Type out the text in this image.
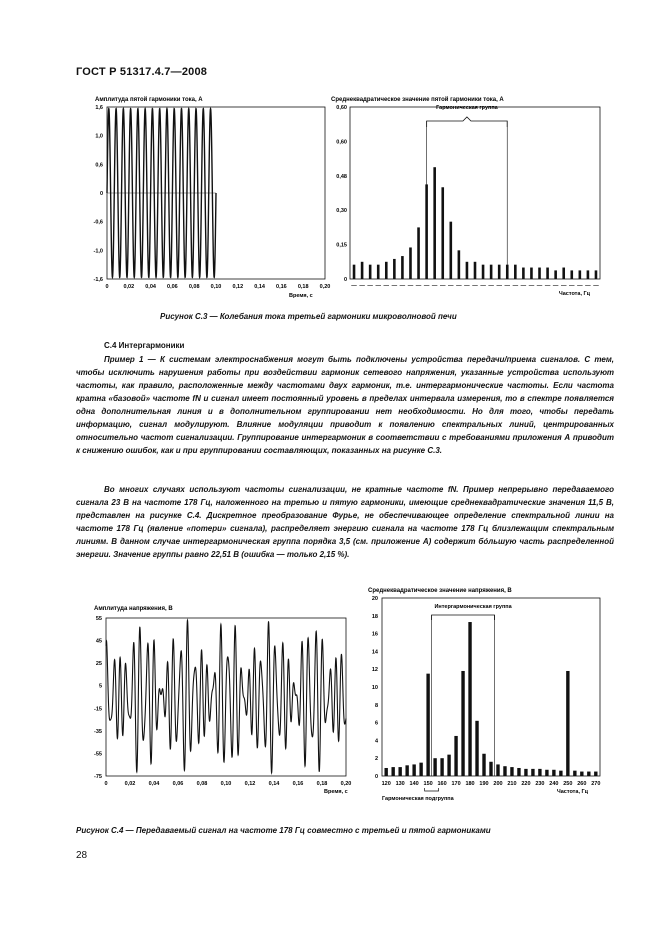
ГОСТ Р 51317.4.7—2008
Амплитуда пятой гармоники тока, А
1,6
1,0
0,6
0
-0,6
-1,0
-1,6
0	0,02 0,04 0,06 0,08 0,10 0,12 0,14 0,16 0,18 0,20
Время, с
Среднеквадратическое значение пятой гармоники тока, А
0,60
0,60
0,48
0,30
0,15
0
— — — — — — — — — — — — — — — — — — — — — — — — — — — — — — —
Гармоническая группа
Частота, Гц
Рисунок С.3 — Колебания тока третьей гармоники микроволновой печи
С.4 Интергармоники

Пример 1 — К системам электроснабжения могут быть подключены устройства передачи/приема сигналов. С тем, чтобы исключить нарушения работы при воздействии гармоник сетевого напряжения, указанные устройства используют частоты, как правило, расположенные между частотами двух гармоник, т.е. интергармонические частоты. Если частота кратна «базовой» частоте fN и сигнал имеет постоянный уровень в пределах интервала измерения, то в спектре появляется одна дополнительная линия и в дополнительном группировании нет необходимости. Но для того, чтобы передать информацию, сигнал модулируют. Влияние модуляции приводит к появлению спектральных линий, центрированных относительно частот сигнализации. Группирование интергармоник в соответствии с требованиями приложения А приводит к снижению ошибок, как и при группировании составляющих, показанных на рисунке С.3.

Во многих случаях используют частоты сигнализации, не кратные частоте fN. Пример непрерывно передаваемого сигнала 23 В на частоте 178 Гц, наложенного на третью и пятую гармоники, имеющие среднеквадратические значения 11,5 В, представлен на рисунке С.4. Дискретное преобразование Фурье, не обеспечивающее определение спектральной линии на частоте 178 Гц (явление «потери» сигнала), распределяет энергию сигнала на частоте 178 Гц близлежащим спектральным линиям. В данном случае интергармоническая группа порядка 3,5 (см. приложение А) содержит бóльшую часть распределенной энергии. Значение группы равно 22,51 В (ошибка — только 2,15 %).

Амплитуда напряжения, В
55
45
25
5
-15
-35
-55
-75
0	0,02 0,04 0,06 0,08 0,10 0,12 0,14 0,16 0,18 0,20
Время, с
Среднеквадратическое значение напряжения, В
20
18
16
14
12
10
8
6
4
2
0
120 130 140 150 160 170 180 190 200 210 220 230 240 250 260 270
Интергармоническая группа
Гармоническая подгруппа
Частота, Гц
Рисунок С.4 — Передаваемый сигнал на частоте 178 Гц совместно с третьей и пятой гармониками
28
